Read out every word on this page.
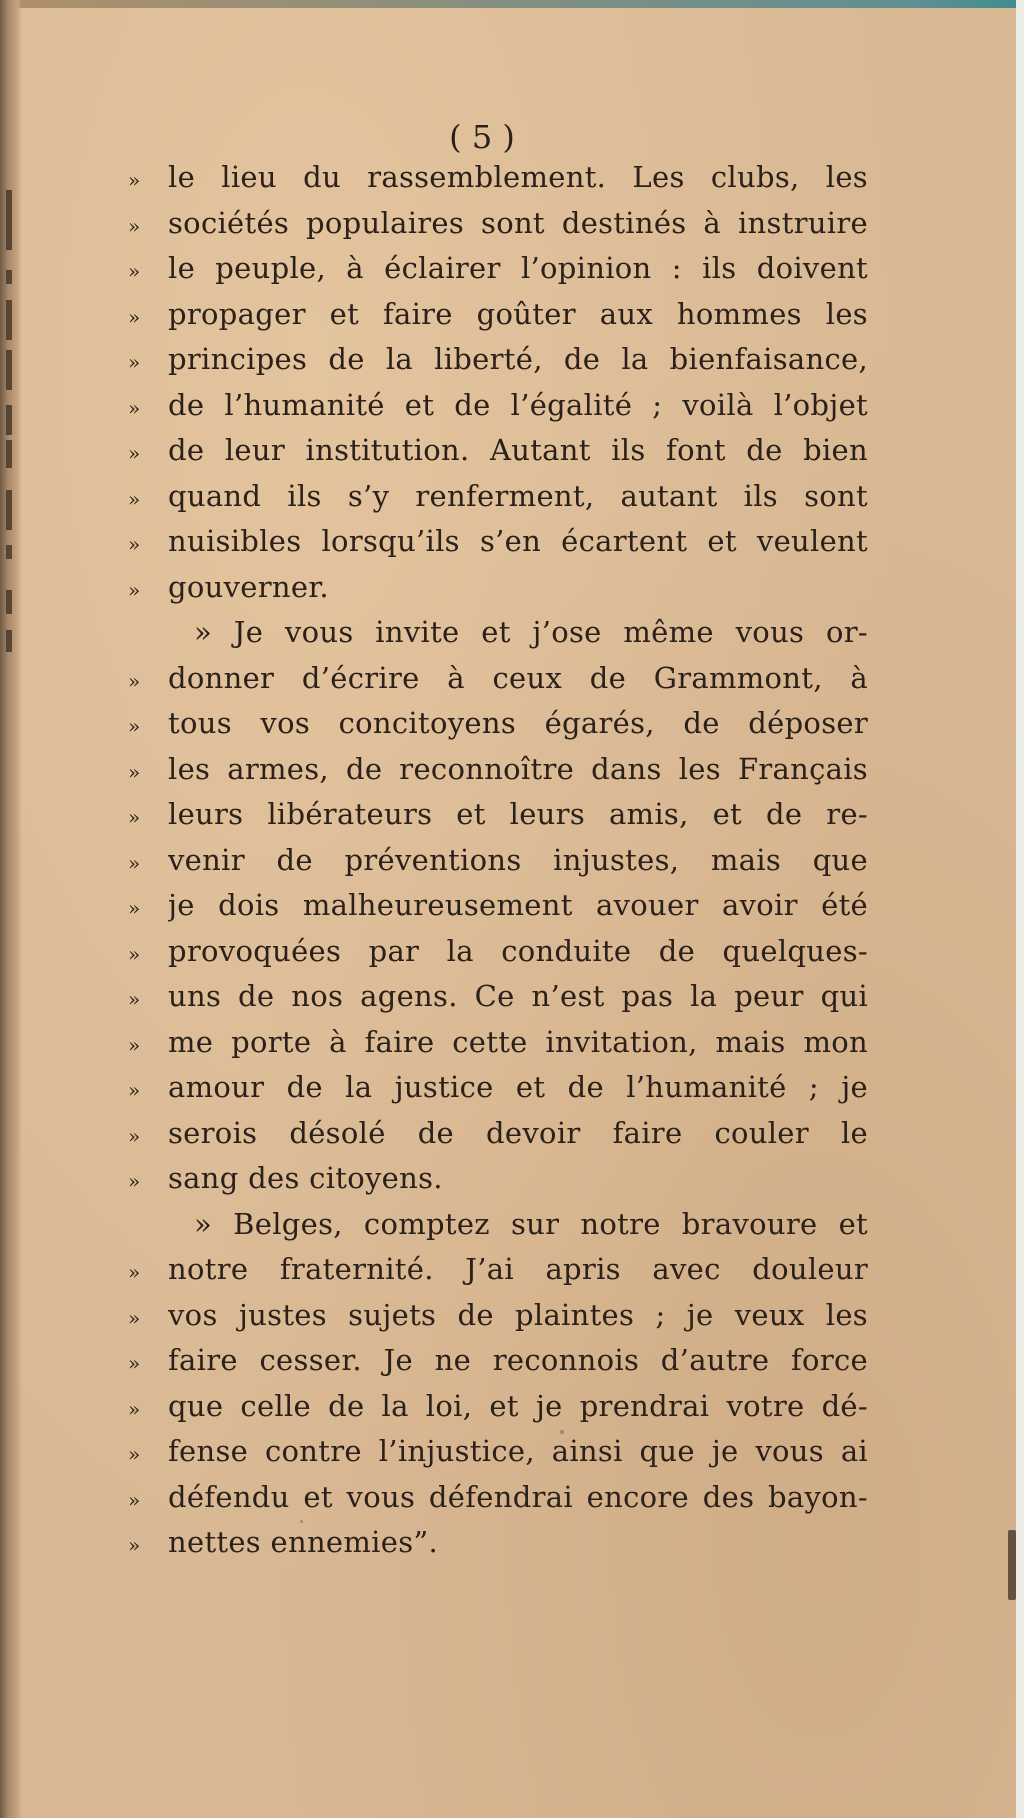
( 5 )
» le lieu du rassemblement. Les clubs, les
» sociétés populaires sont destinés à instruire
» le peuple, à éclairer l’opinion : ils doivent
» propager et faire goûter aux hommes les
» principes de la liberté, de la bienfaisance,
» de l’humanité et de l’égalité ; voilà l’objet
» de leur institution. Autant ils font de bien
» quand ils s’y renferment, autant ils sont
» nuisibles lorsqu’ils s’en écartent et veulent
» gouverner.
» Je vous invite et j’ose même vous or-
» donner d’écrire à ceux de Grammont, à
» tous vos concitoyens égarés, de déposer
» les armes, de reconnoître dans les Français
» leurs libérateurs et leurs amis, et de re-
» venir de préventions injustes, mais que
» je dois malheureusement avouer avoir été
» provoquées par la conduite de quelques-
» uns de nos agens. Ce n’est pas la peur qui
» me porte à faire cette invitation, mais mon
» amour de la justice et de l’humanité ; je
» serois désolé de devoir faire couler le
» sang des citoyens.
» Belges, comptez sur notre bravoure et
» notre fraternité. J’ai apris avec douleur
» vos justes sujets de plaintes ; je veux les
» faire cesser. Je ne reconnois d’autre force
» que celle de la loi, et je prendrai votre dé-
» fense contre l’injustice, ainsi que je vous ai
» défendu et vous défendrai encore des bayon-
» nettes ennemies”.
